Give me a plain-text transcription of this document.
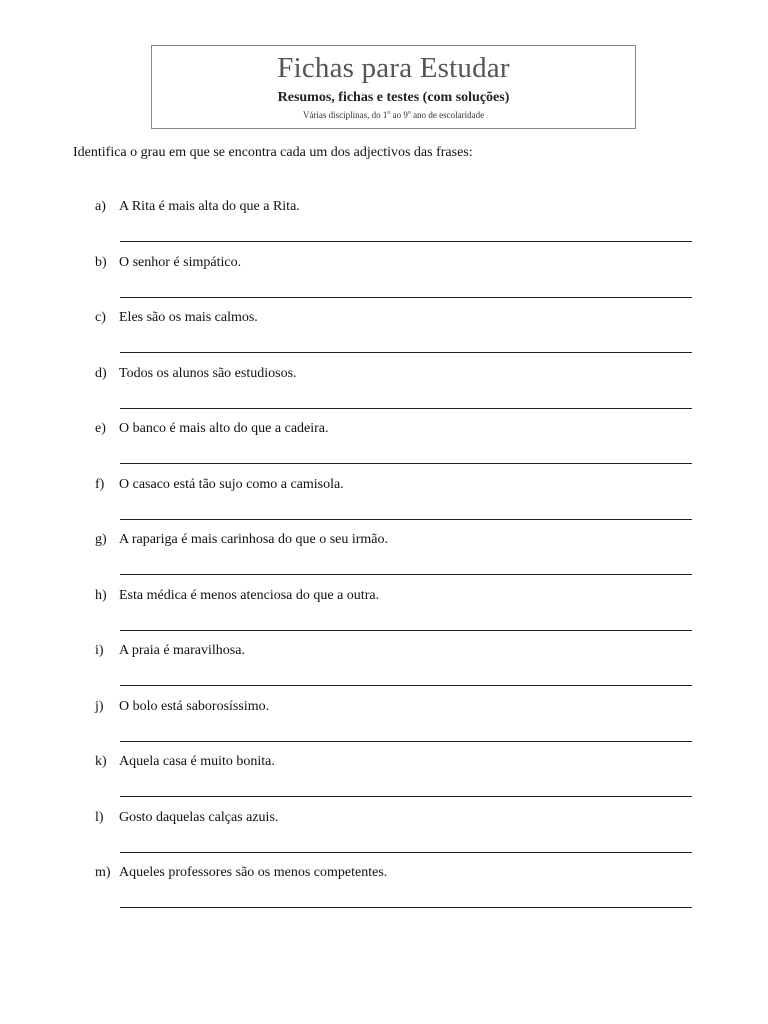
Fichas para Estudar
Resumos, fichas e testes (com soluções)
Várias disciplinas, do 1$^o$ ao 9$^o$ ano de escolaridade
Identifica o grau em que se encontra cada um dos adjectivos das frases:
a) A Rita é mais alta do que a Rita.
b) O senhor é simpático.
c) Eles são os mais calmos.
d) Todos os alunos são estudiosos.
e) O banco é mais alto do que a cadeira.
f) O casaco está tão sujo como a camisola.
g) A rapariga é mais carinhosa do que o seu irmão.
h) Esta médica é menos atenciosa do que a outra.
i) A praia é maravilhosa.
j) O bolo está saborosíssimo.
k) Aquela casa é muito bonita.
l) Gosto daquelas calças azuis.
m) Aqueles professores são os menos competentes.
